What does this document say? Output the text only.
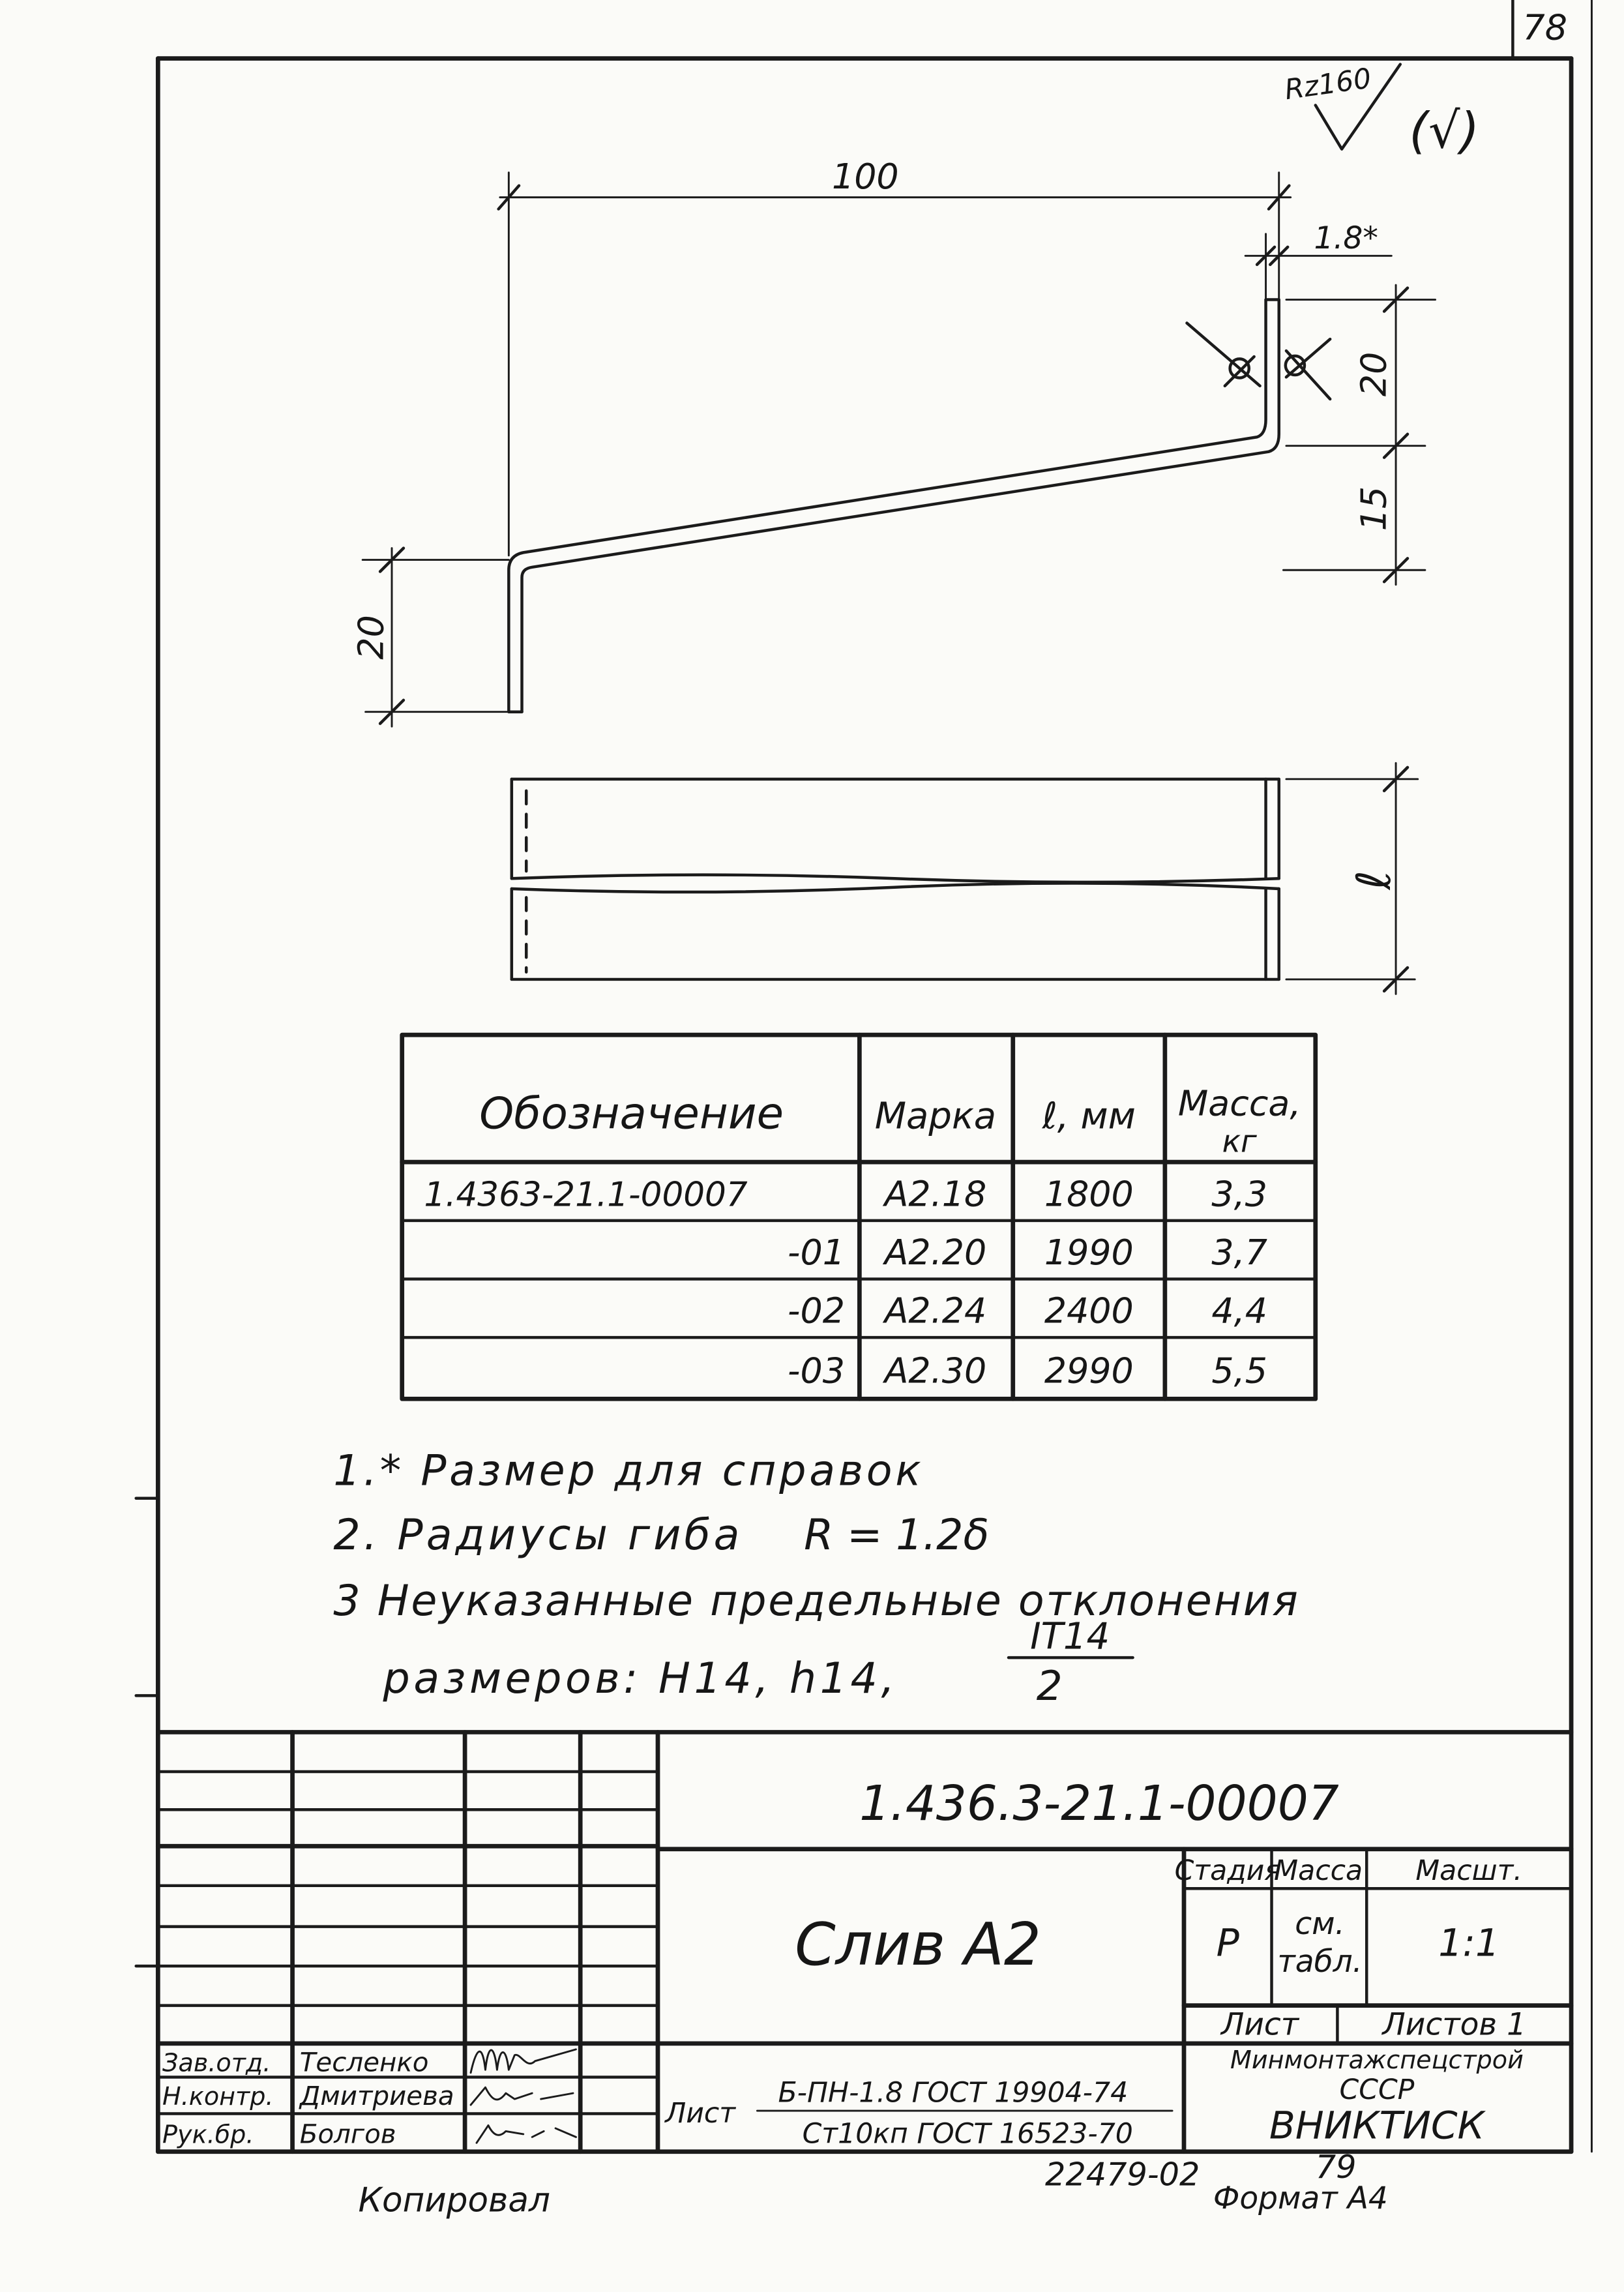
78
Rz160
(√)
100
1.8*
20
15
20
ℓ
Обозначение	Марка	ℓ, мм	Масса,
кг
1.4363-21.1-00007	А2.18	1800	3,3
-01	А2.20	1990	3,7
-02	А2.24	2400	4,4
-03	А2.30	2990	5,5
1.* Размер для справок
2. Радиусы гиба	R = 1.2δ
3 Неуказанные предельные отклонения
размеров: H14, h14,
IT14
2
1.436.3-21.1-00007
Слив А2
Стадия
Масса	Масшт.
Р	см.
табл.	1:1
Лист	Листов 1
Минмонтажспецстрой
СССР
ВНИКТИСК
Лист
Б-ПН-1.8 ГОСТ 19904-74
Ст10кп ГОСТ 16523-70
Зав.отд. Тесленко
Н.контр. Дмитриева
Рук.бр.	Болгов
Копировал
22479-02	79
Формат А4
